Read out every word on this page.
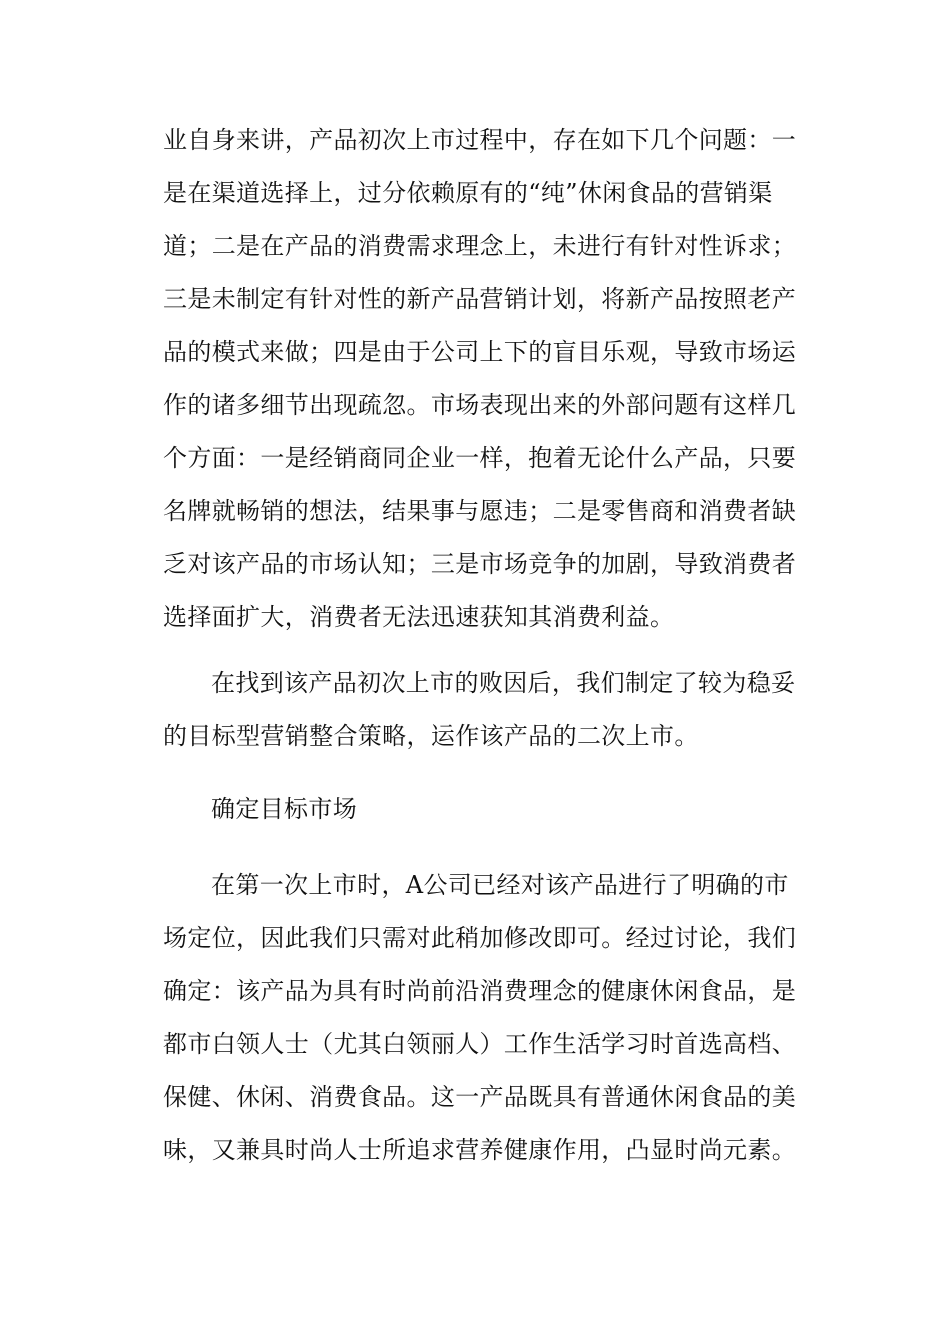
业自身来讲，产品初次上市过程中，存在如下几个问题：一
是在渠道选择上，过分依赖原有的“纯”休闲食品的营销渠
道；二是在产品的消费需求理念上，未进行有针对性诉求；
三是未制定有针对性的新产品营销计划，将新产品按照老产
品的模式来做；四是由于公司上下的盲目乐观，导致市场运
作的诸多细节出现疏忽。市场表现出来的外部问题有这样几
个方面：一是经销商同企业一样，抱着无论什么产品，只要
名牌就畅销的想法，结果事与愿违；二是零售商和消费者缺
乏对该产品的市场认知；三是市场竞争的加剧，导致消费者
选择面扩大，消费者无法迅速获知其消费利益。
在找到该产品初次上市的败因后，我们制定了较为稳妥
的目标型营销整合策略，运作该产品的二次上市。
确定目标市场
在第一次上市时，A公司已经对该产品进行了明确的市
场定位，因此我们只需对此稍加修改即可。经过讨论，我们
确定：该产品为具有时尚前沿消费理念的健康休闲食品，是
都市白领人士（尤其白领丽人）工作生活学习时首选高档、
保健、休闲、消费食品。这一产品既具有普通休闲食品的美
味，又兼具时尚人士所追求营养健康作用，凸显时尚元素。
